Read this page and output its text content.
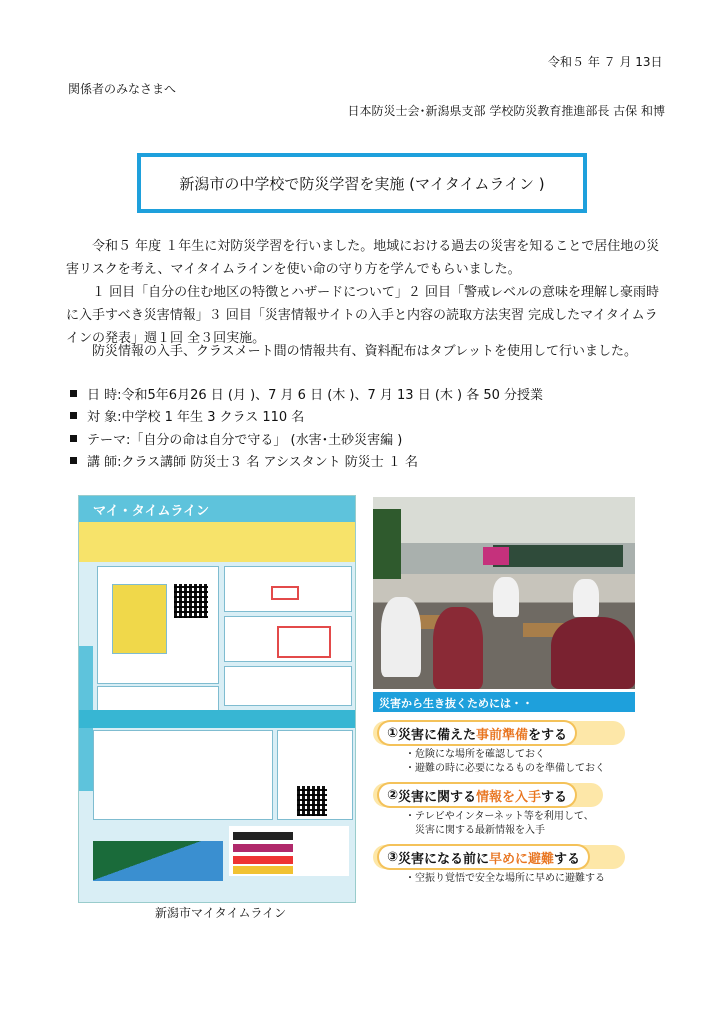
令和５ 年 ７ 月 13日
関係者のみなさまへ
日本防災士会･新潟県支部 学校防災教育推進部長 古保 和博
新潟市の中学校で防災学習を実施 (マイタイムライン )
令和５ 年度 １年生に対防災学習を行いました。地域における過去の災害を知ることで居住地の災害リスクを考え、マイタイムラインを使い命の守り方を学んでもらいました。
１ 回目「自分の住む地区の特徴とハザードについて」２ 回目「警戒レベルの意味を理解し豪雨時に入手すべき災害情報」３ 回目「災害情報サイトの入手と内容の読取方法実習 完成したマイタイムラインの発表」週１回 全３回実施。
防災情報の入手、クラスメート間の情報共有、資料配布はタブレットを使用して行いました。
日 時 :令和5年6月26 日 (月 )、7 月 6 日 (木 )、7 月 13 日 (木 ) 各 50 分授業
対 象 :中学校 1 年生 3 クラス 110 名
テーマ :「自分の命は自分で守る」 (水害･土砂災害編 )
講 師 :クラス講師 防災士３ 名 アシスタント 防災士 １ 名
マイ・タイムライン
新潟市マイタイムライン
災害から生き抜くためには・・
① 災害に備えた 事前準備 をする
・危険にな場所を確認しておく
・避難の時に必要になるものを準備しておく
② 災害に関する 情報を入手 する
・テレビやインターネット等を利用して、
　災害に関する最新情報を入手
③ 災害になる前に 早めに避難 する
・空振り覚悟で安全な場所に早めに避難する
